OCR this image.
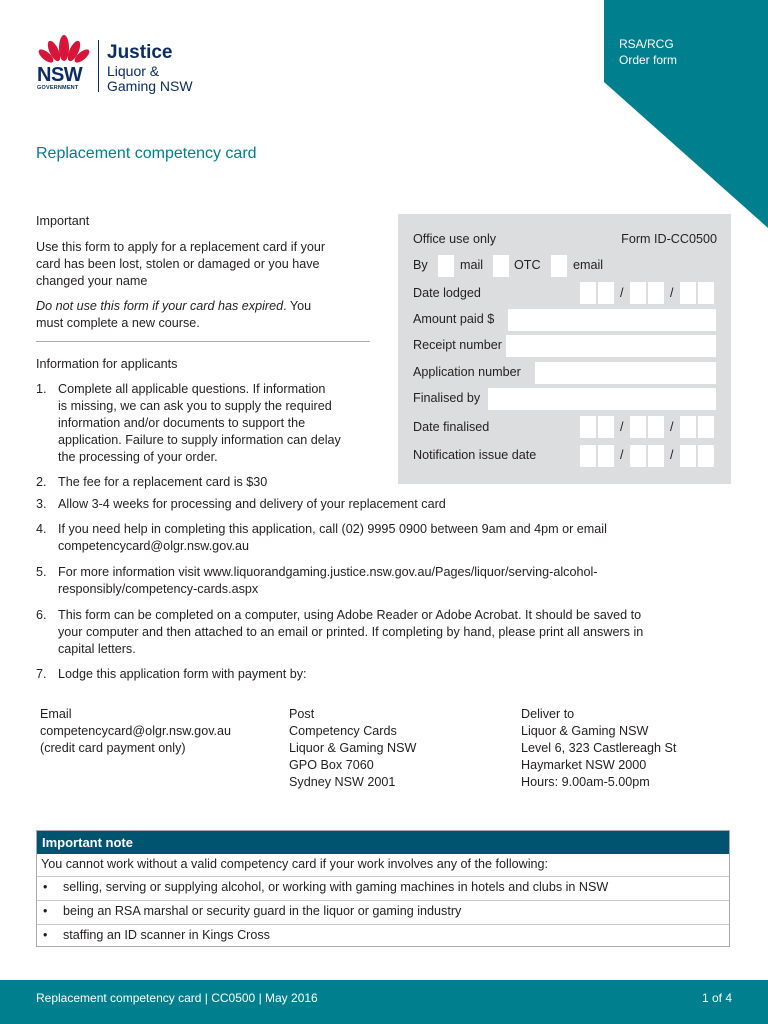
RSA/RCG
Order form
NSW
GOVERNMENT
Justice
Liquor &
Gaming NSW
Replacement competency card
Important
Use this form to apply for a replacement card if your
card has been lost, stolen or damaged or you have
changed your name
Do not use this form if your card has expired. You
must complete a new course.
Information for applicants
1. Complete all applicable questions. If information
is missing, we can ask you to supply the required
information and/or documents to support the
application. Failure to supply information can delay
the processing of your order.
2. The fee for a replacement card is $30
3. Allow 3-4 weeks for processing and delivery of your replacement card
4. If you need help in completing this application, call (02) 9995 0900 between 9am and 4pm or email
competencycard@olgr.nsw.gov.au
5. For more information visit www.liquorandgaming.justice.nsw.gov.au/Pages/liquor/serving-alcohol-
responsibly/competency-cards.aspx
6. This form can be completed on a computer, using Adobe Reader or Adobe Acrobat. It should be saved to
your computer and then attached to an email or printed. If completing by hand, please print all answers in
capital letters.
7. Lodge this application form with payment by:
Office use only	Form ID-CC0500
By	mail OTC	email
Date lodged	/	/
Amount paid $
Receipt number
Application number
Finalised by
Date finalised	/	/
Notification issue date	/	/
Email
competencycard@olgr.nsw.gov.au
(credit card payment only)
Post
Competency Cards
Liquor & Gaming NSW
GPO Box 7060
Sydney NSW 2001
Deliver to
Liquor & Gaming NSW
Level 6, 323 Castlereagh St
Haymarket NSW 2000
Hours: 9.00am-5.00pm
Important note
You cannot work without a valid competency card if your work involves any of the following:
• selling, serving or supplying alcohol, or working with gaming machines in hotels and clubs in NSW
• being an RSA marshal or security guard in the liquor or gaming industry
• staffing an ID scanner in Kings Cross
Replacement competency card | CC0500 | May 2016	1 of 4
